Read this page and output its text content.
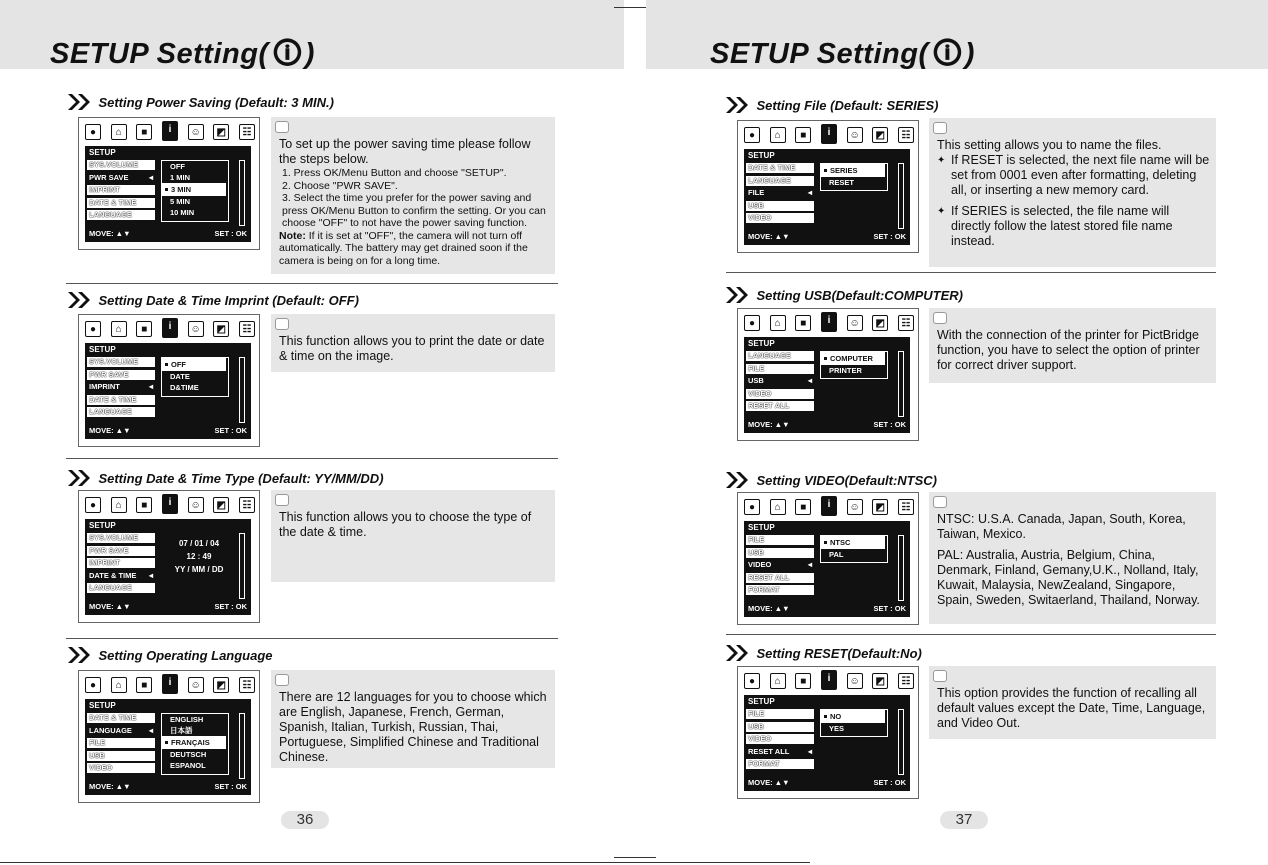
SETUP Setting( 🛈)
Setting Power Saving (Default: 3 MIN.)
●	⌂	■	i	☺	◩	☷
SETUP
SYS.VOLUME
PWR SAVE ◂
IMPRINT
DATE & TIME
LANGUAGE
OFF
1 MIN
3 MIN
5 MIN
10 MIN
MOVE: ▲▼	SET : OK

To set up the power saving time please follow the steps below.

1. Press OK/Menu Button and choose "SETUP".

2. Choose "PWR SAVE".

3. Select the time you prefer for the power saving and press OK/Menu Button to confirm the setting. Or you can choose "OFF" to not have the power saving function.

Note: If it is set at "OFF", the camera will not turn off automatically. The battery may get drained soon if the camera is being on for a long time.

Setting Date & Time Imprint (Default: OFF)
●	⌂	■	i	☺	◩	☷
SETUP
SYS.VOLUME
PWR SAVE
IMPRINT ◂
DATE & TIME
LANGUAGE
OFF
DATE
D&TIME
MOVE: ▲▼	SET : OK

This function allows you to print the date or date & time on the image.

Setting Date & Time Type (Default: YY/MM/DD)
●	⌂	■	i	☺	◩	☷
SETUP
SYS.VOLUME
PWR SAVE
IMPRINT
DATE & TIME ◂
LANGUAGE
07 / 01 / 04
12 : 49
YY / MM / DD
MOVE: ▲▼	SET : OK

This function allows you to choose the type of the date & time.

Setting Operating Language
●	⌂	■	i	☺	◩	☷
SETUP
DATE & TIME
LANGUAGE ◂
FILE
USB
VIDEO
ENGLISH
日本語
FRANÇAIS
DEUTSCH
ESPANOL
MOVE: ▲▼	SET : OK

There are 12 languages for you to choose which are English, Japanese, French, German, Spanish, Italian, Turkish, Russian, Thai, Portuguese, Simplified Chinese and Traditional Chinese.

36
SETUP Setting( 🛈)
Setting File (Default: SERIES)
●	⌂	■	i	☺	◩	☷
SETUP
DATE & TIME
LANGUAGE
FILE ◂
USB
VIDEO
SERIES
RESET
MOVE: ▲▼	SET : OK

This setting allows you to name the files.

✦ If RESET is selected, the next file name will be set from 0001 even after formatting, deleting all, or inserting a new memory card.

✦ If SERIES is selected, the file name will directly follow the latest stored file name instead.

Setting USB(Default:COMPUTER)
●	⌂	■	i	☺	◩	☷
SETUP
LANGUAGE
FILE
USB ◂
VIDEO
RESET ALL
COMPUTER
PRINTER
MOVE: ▲▼	SET : OK

With the connection of the printer for PictBridge function, you have to select the option of printer for correct driver support.

Setting VIDEO(Default:NTSC)
●	⌂	■	i	☺	◩	☷
SETUP
FILE
USB
VIDEO ◂
RESET ALL
FORMAT
NTSC
PAL
MOVE: ▲▼	SET : OK

NTSC: U.S.A. Canada, Japan, South, Korea, Taiwan, Mexico.

PAL: Australia, Austria, Belgium, China, Denmark, Finland, Gemany,U.K., Nolland, Italy, Kuwait, Malaysia, NewZealand, Singapore, Spain, Sweden, Switaerland, Thailand, Norway.

Setting RESET(Default:No)
●	⌂	■	i	☺	◩	☷
SETUP
FILE
USB
VIDEO
RESET ALL ◂
FORMAT
NO
YES
MOVE: ▲▼	SET : OK

This option provides the function of recalling all default values except the Date, Time, Language, and Video Out.

37
